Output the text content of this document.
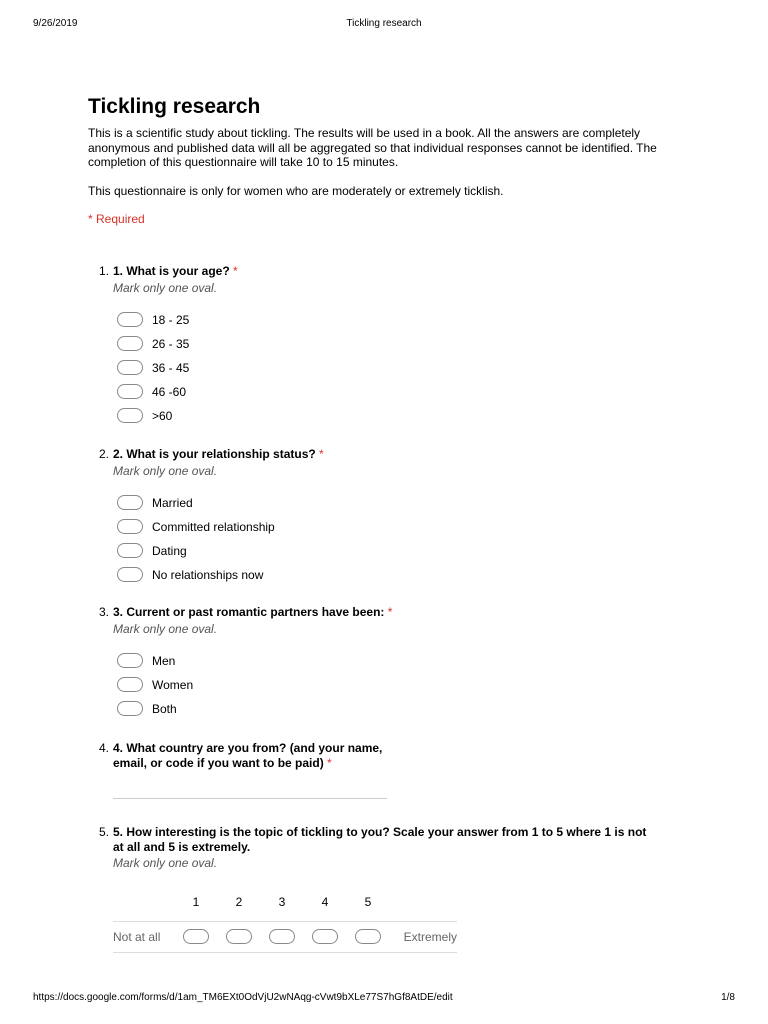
9/26/2019	Tickling research
Tickling research
This is a scientific study about tickling. The results will be used in a book. All the answers are completely anonymous and published data will all be aggregated so that individual responses cannot be identified. The completion of this questionnaire will take 10 to 15 minutes.
This questionnaire is only for women who are moderately or extremely ticklish.
* Required
1. 1. What is your age? *
Mark only one oval.
18 - 25
26 - 35
36 - 45
46 -60
>60
2. 2. What is your relationship status? *
Mark only one oval.
Married
Committed relationship
Dating
No relationships now
3. 3. Current or past romantic partners have been: *
Mark only one oval.
Men
Women
Both
4. 4. What country are you from? (and your name,
email, or code if you want to be paid) *
5. 5. How interesting is the topic of tickling to you? Scale your answer from 1 to 5 where 1 is not
at all and 5 is extremely.
Mark only one oval.
1	2	3	4	5
Not at all	Extremely
https://docs.google.com/forms/d/1am_TM6EXt0OdVjU2wNAqg-cVwt9bXLe77S7hGf8AtDE/edit	1/8
